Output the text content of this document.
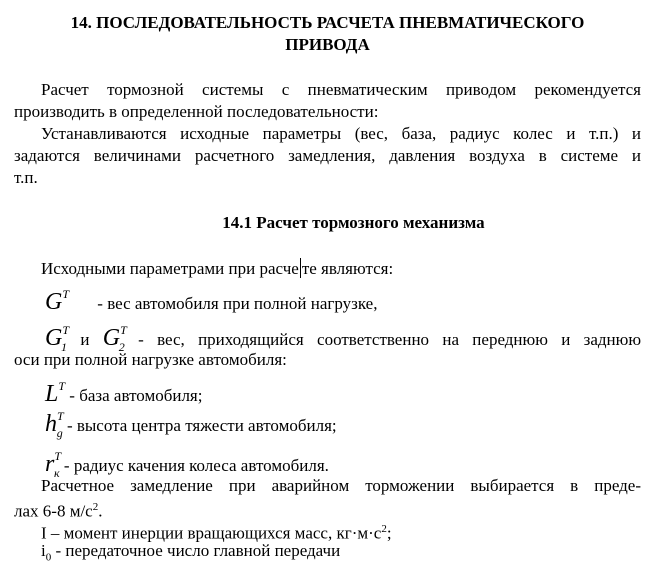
14. ПОСЛЕДОВАТЕЛЬНОСТЬ РАСЧЕТА ПНЕВМАТИЧЕСКОГО
ПРИВОДА
Расчет тормозной системы с пневматическим приводом рекомендуется
производить в определенной последовательности:
Устанавливаются исходные параметры (вес, база, радиус колес и т.п.) и
задаются величинами расчетного замедления, давления воздуха в системе и
т.п.
14.1 Расчет тормозного механизма
Исходными параметрами при расче те являются:
$G^T$ - вес автомобиля при полной нагрузке,
$G^T_1$ и $G^T_2$ - вес, приходящийся соответственно на переднюю и заднюю
оси при полной нагрузке автомобиля:
$L^T$ - база автомобиля;
$h^T_g$ - высота центра тяжести автомобиля;
$r^T_к$ - радиус качения колеса автомобиля.
Расчетное замедление при аварийном торможении выбирается в преде-
лах 6-8 $м/с^2$.
I – момент инерции вращающихся масс, $кг\cdot м\cdot с^2$;
$i_0$ - передаточное число главной передачи
